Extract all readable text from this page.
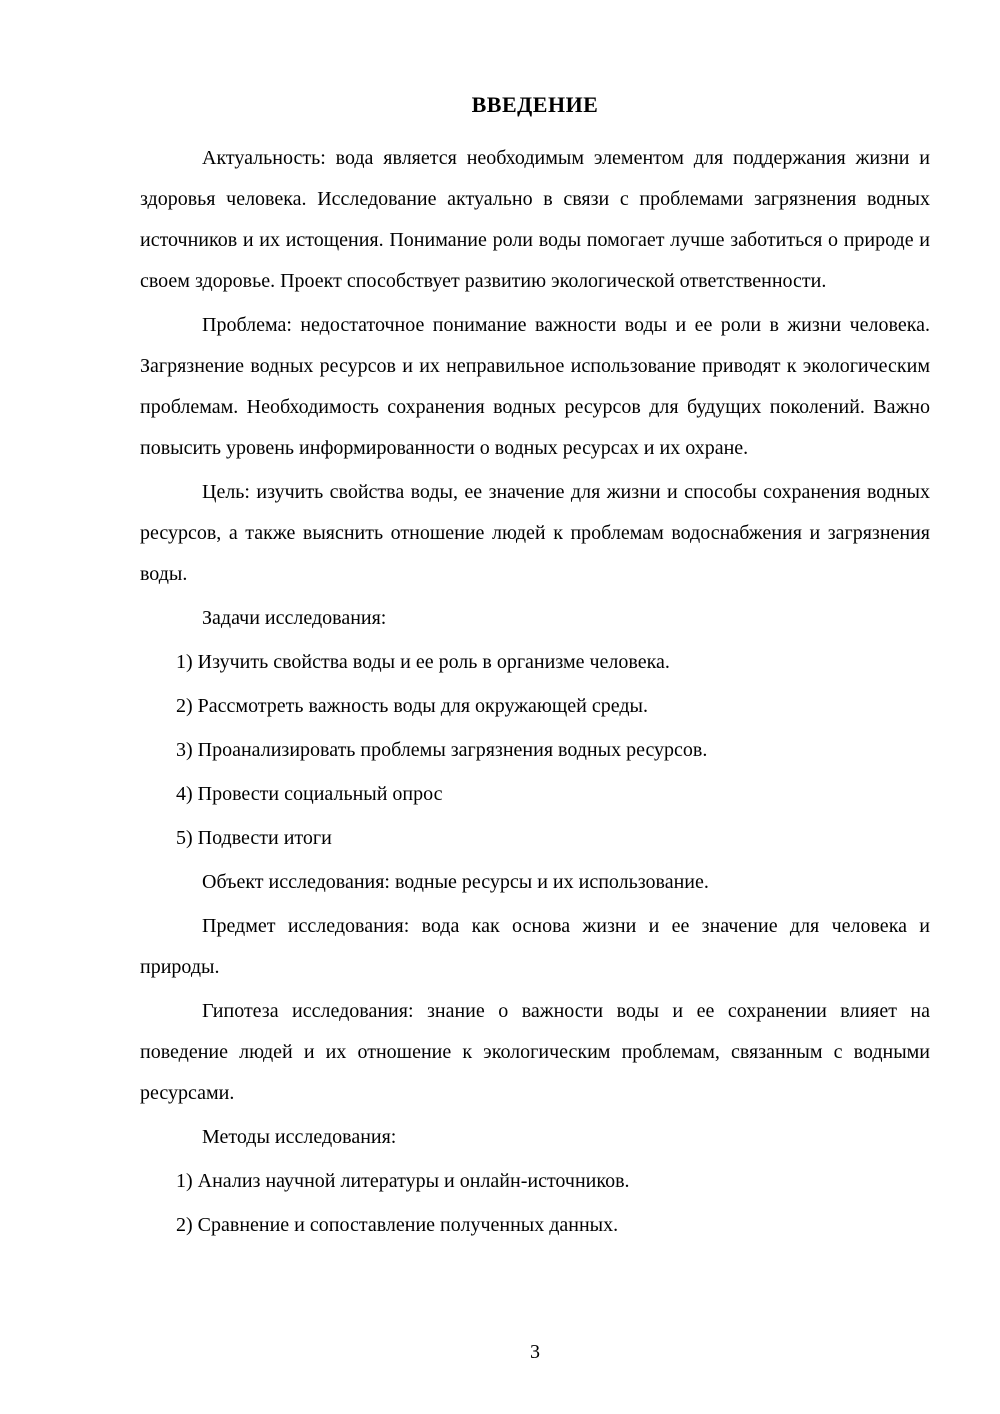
ВВЕДЕНИЕ

Актуальность: вода является необходимым элементом для поддержания жизни и здоровья человека. Исследование актуально в связи с проблемами загрязнения водных источников и их истощения. Понимание роли воды помогает лучше заботиться о природе и своем здоровье. Проект способствует развитию экологической ответственности.

Проблема: недостаточное понимание важности воды и ее роли в жизни человека. Загрязнение водных ресурсов и их неправильное использование приводят к экологическим проблемам. Необходимость сохранения водных ресурсов для будущих поколений. Важно повысить уровень информированности о водных ресурсах и их охране.

Цель: изучить свойства воды, ее значение для жизни и способы сохранения водных ресурсов, а также выяснить отношение людей к проблемам водоснабжения и загрязнения воды.

Задачи исследования:

1) Изучить свойства воды и ее роль в организме человека.

2) Рассмотреть важность воды для окружающей среды.

3) Проанализировать проблемы загрязнения водных ресурсов.

4) Провести социальный опрос

5) Подвести итоги

Объект исследования: водные ресурсы и их использование.

Предмет исследования: вода как основа жизни и ее значение для человека и природы.

Гипотеза исследования: знание о важности воды и ее сохранении влияет на поведение людей и их отношение к экологическим проблемам, связанным с водными ресурсами.

Методы исследования:

1) Анализ научной литературы и онлайн-источников.

2) Сравнение и сопоставление полученных данных.

3
